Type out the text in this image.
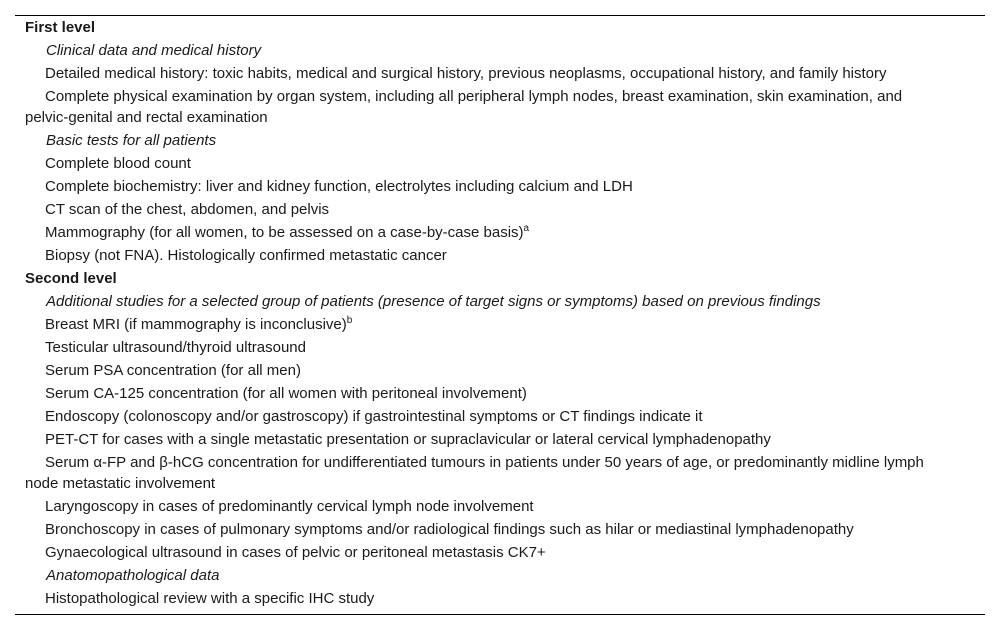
First level
Clinical data and medical history
Detailed medical history: toxic habits, medical and surgical history, previous neoplasms, occupational history, and family history
Complete physical examination by organ system, including all peripheral lymph nodes, breast examination, skin examination, and pelvic-genital and rectal examination
Basic tests for all patients
Complete blood count
Complete biochemistry: liver and kidney function, electrolytes including calcium and LDH
CT scan of the chest, abdomen, and pelvis
Mammography (for all women, to be assessed on a case-by-case basis)$^a$
Biopsy (not FNA). Histologically confirmed metastatic cancer
Second level
Additional studies for a selected group of patients (presence of target signs or symptoms) based on previous findings
Breast MRI (if mammography is inconclusive)$^b$
Testicular ultrasound/thyroid ultrasound
Serum PSA concentration (for all men)
Serum CA-125 concentration (for all women with peritoneal involvement)
Endoscopy (colonoscopy and/or gastroscopy) if gastrointestinal symptoms or CT findings indicate it
PET-CT for cases with a single metastatic presentation or supraclavicular or lateral cervical lymphadenopathy
Serum α-FP and β-hCG concentration for undifferentiated tumours in patients under 50 years of age, or predominantly midline lymph node metastatic involvement
Laryngoscopy in cases of predominantly cervical lymph node involvement
Bronchoscopy in cases of pulmonary symptoms and/or radiological findings such as hilar or mediastinal lymphadenopathy
Gynaecological ultrasound in cases of pelvic or peritoneal metastasis CK7+
Anatomopathological data
Histopathological review with a specific IHC study
